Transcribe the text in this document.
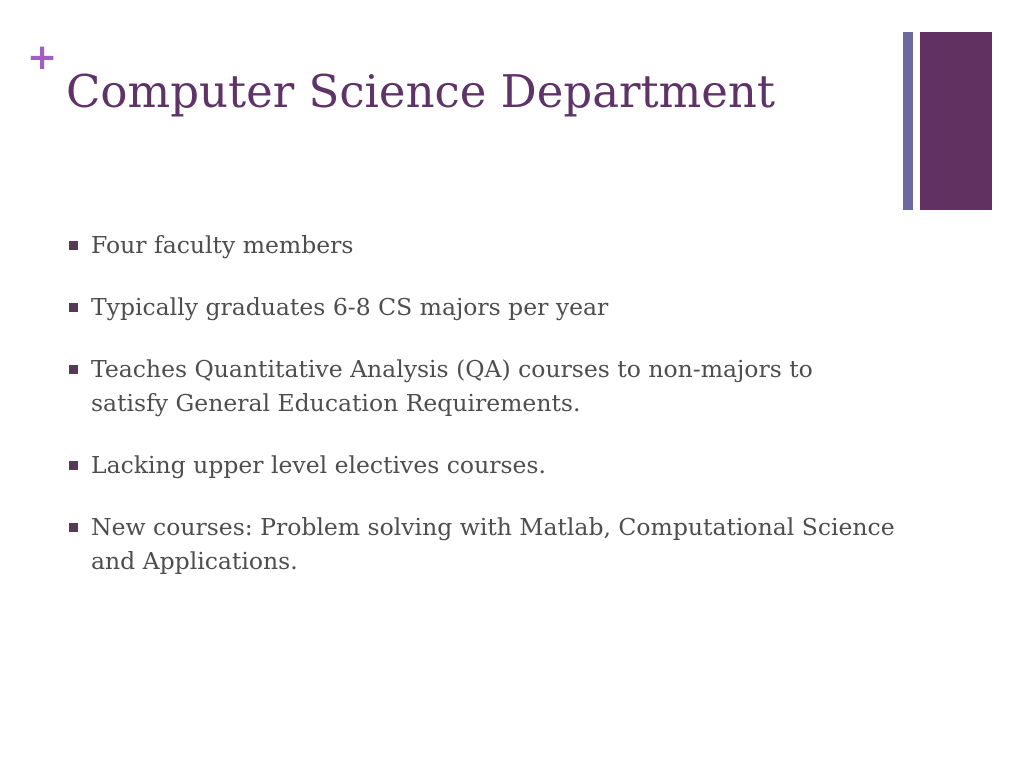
+
Computer Science Department
Four faculty members
Typically graduates 6-8 CS majors per year
Teaches Quantitative Analysis (QA) courses to non-majors to satisfy General Education Requirements.
Lacking upper level electives courses.
New courses: Problem solving with Matlab, Computational Science and Applications.
